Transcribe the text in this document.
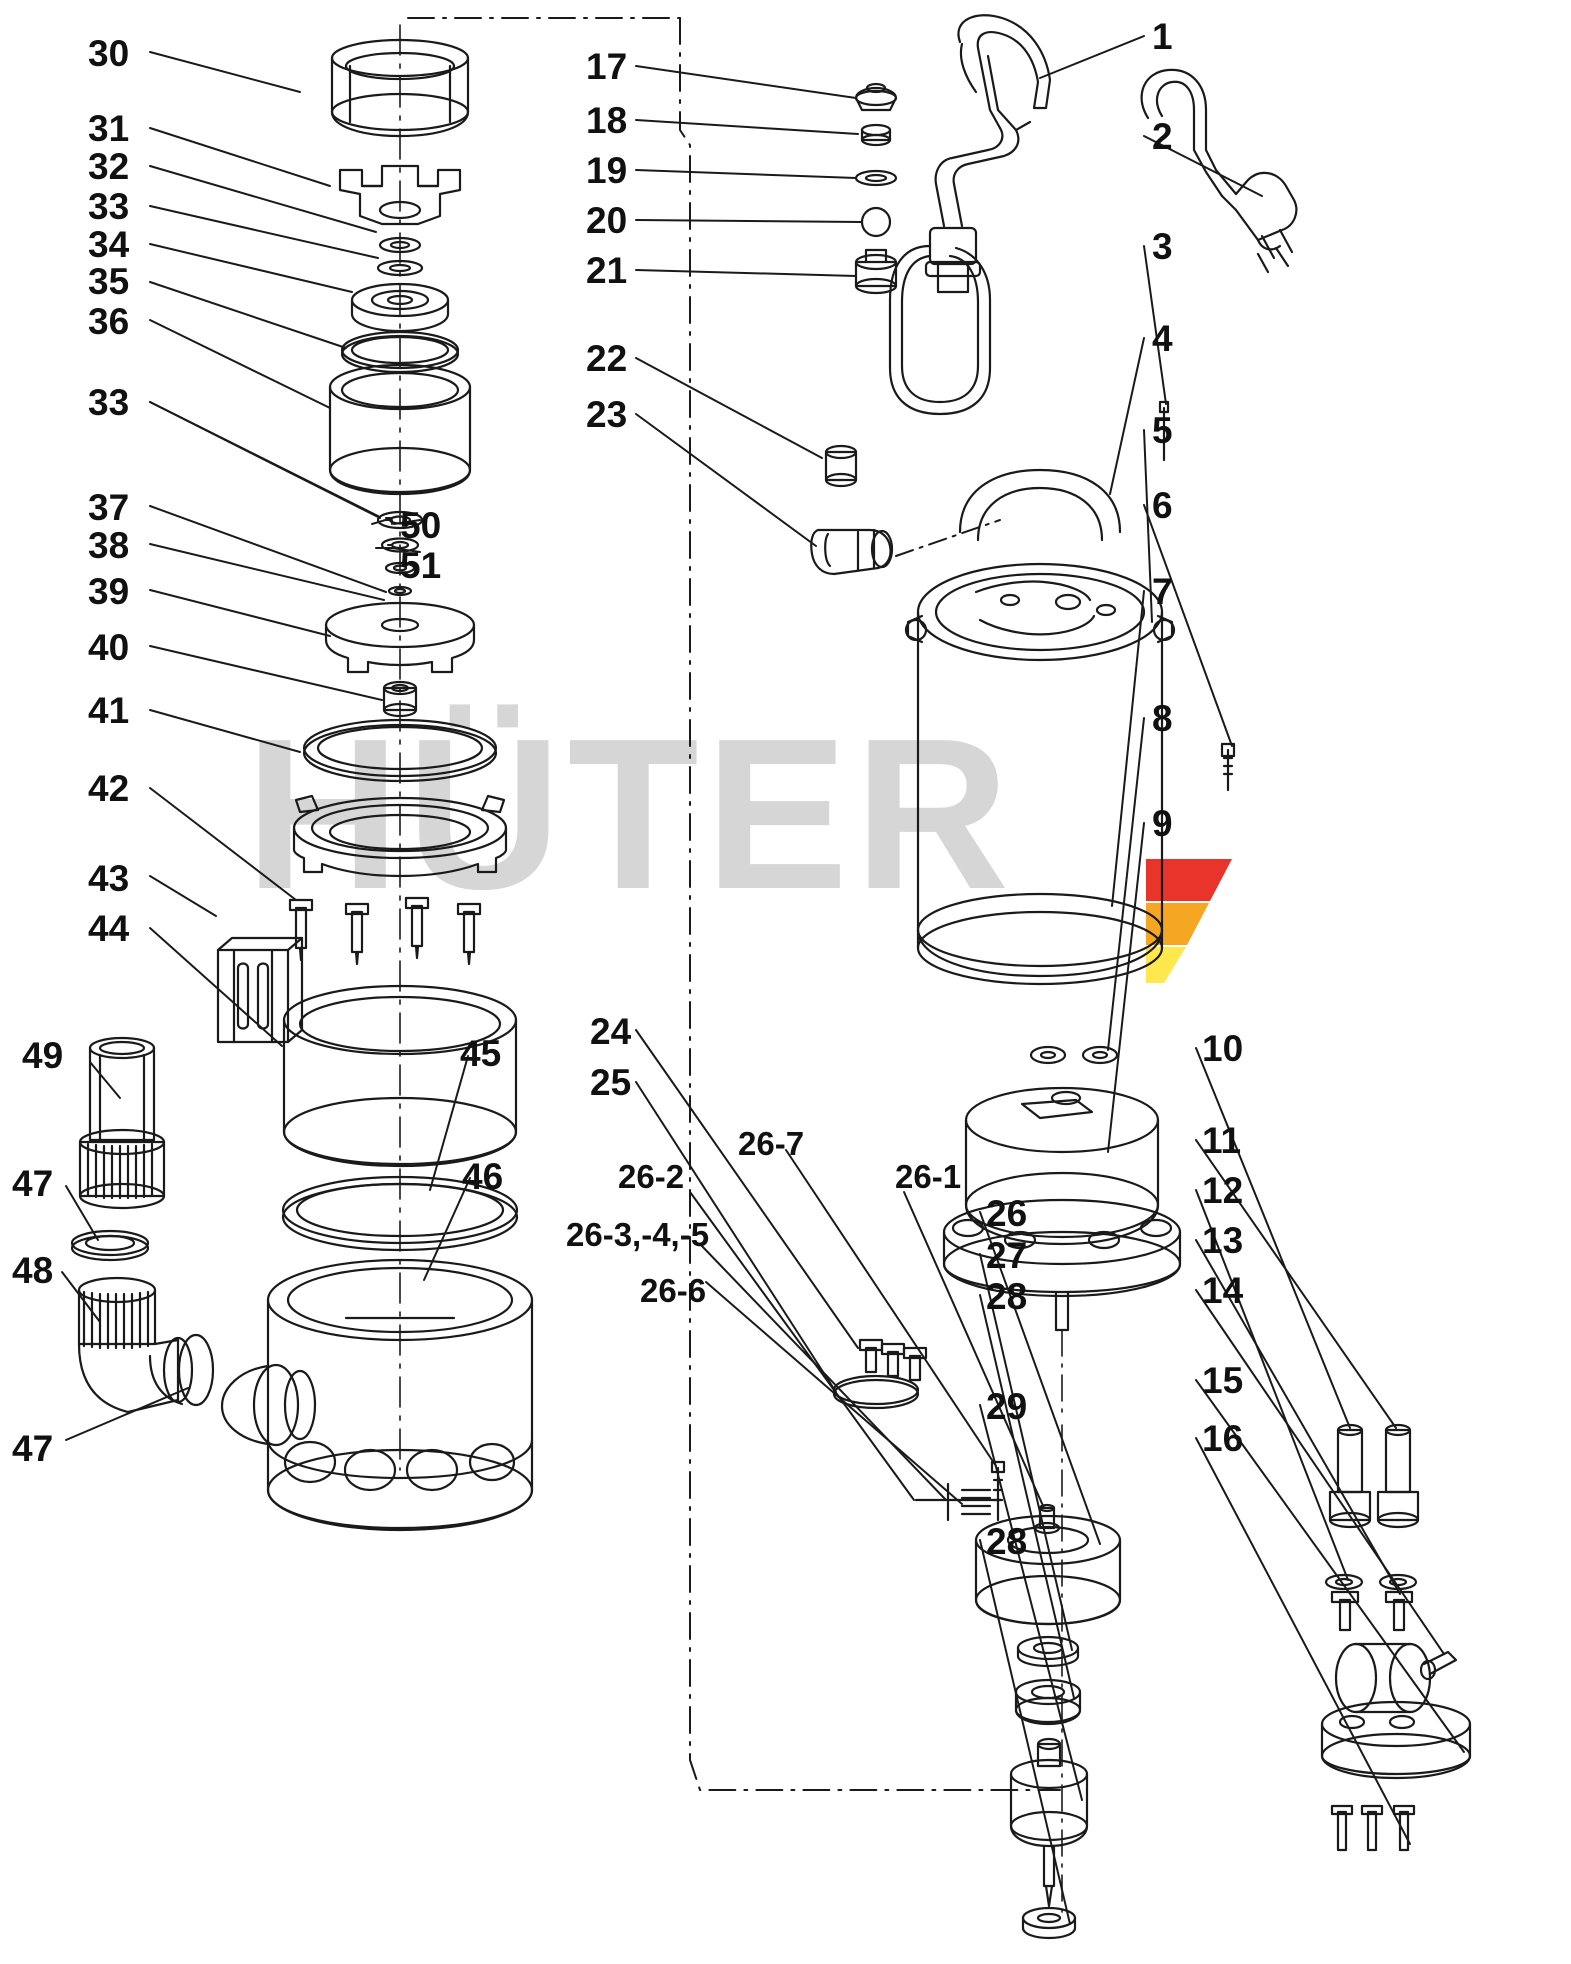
HÜTER
30
31
32
33
34
35
36
33
37
38
39
40
41
42
43
44
49
47
48
47
50
51
45
46
17
18
19
20
21
22
23
24
25
26-2
26-7
26-1
26-3,-4,-5
26-6
26
27
28
29
28
1
2
3
4
5
6
7
8
9
10
11
12
13
14
15
16
